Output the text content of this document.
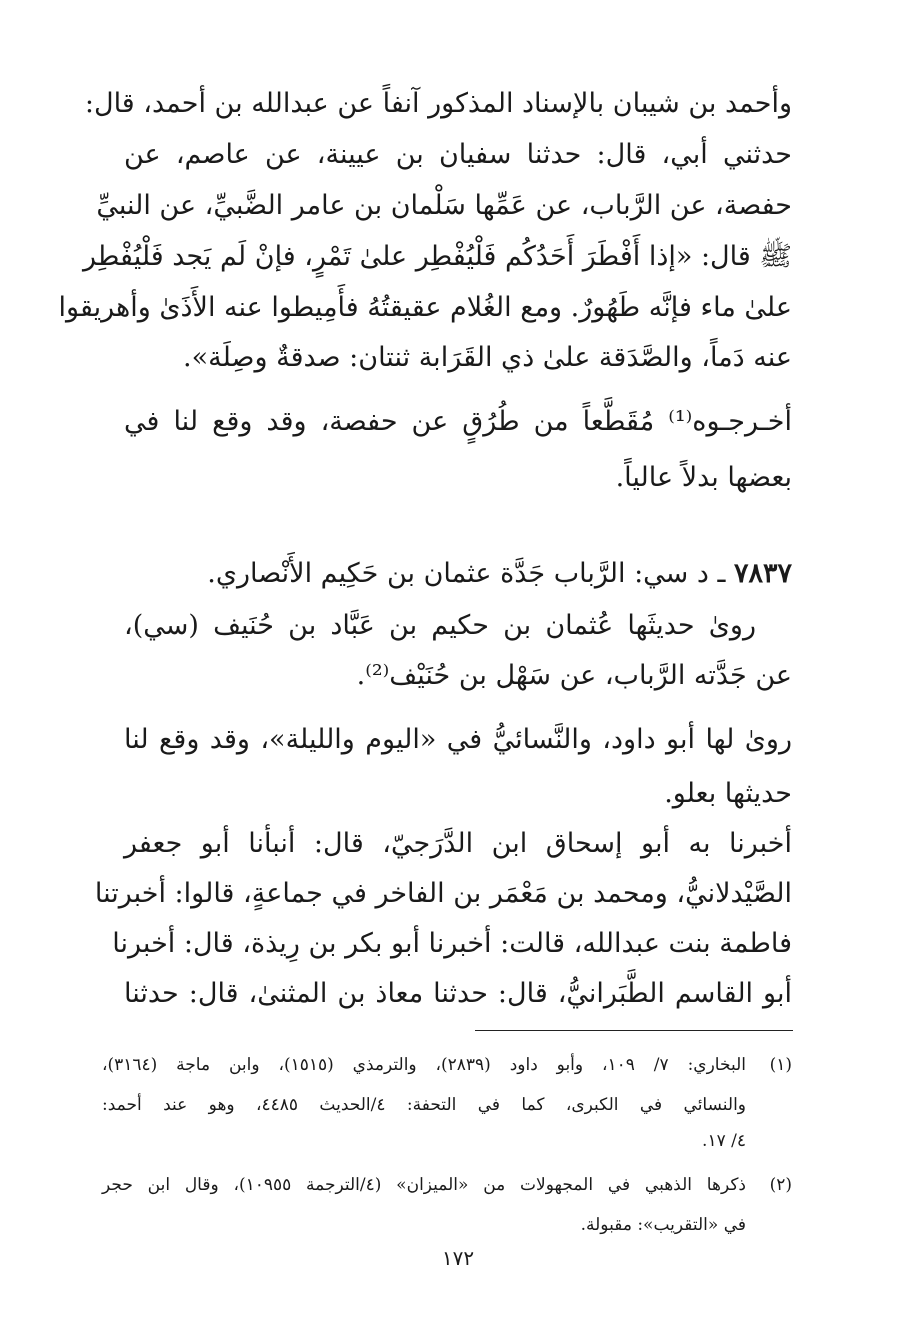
وأحمد بن شيبان بالإسناد المذكور آنفاً عن عبدالله بن أحمد، قال:
حدثني أبي، قال: حدثنا سفيان بن عيينة، عن عاصم، عن
حفصة، عن الرَّباب، عن عَمِّها سَلْمان بن عامر الضَّبيِّ، عن النبيِّ
ﷺ قال: «إذا أَفْطَرَ أَحَدُكُم فَلْيُفْطِر علىٰ تَمْرٍ، فإنْ لَم يَجد فَلْيُفْطِر
علىٰ ماء فإنَّه طَهُورٌ. ومع الغُلام عقيقتُهُ فأَمِيطوا عنه الأَذَىٰ وأهريقوا
عنه دَماً، والصَّدَقة علىٰ ذي القَرَابة ثنتان: صدقةٌ وصِلَة».
أخـرجـوه⁽¹⁾ مُقَطَّعاً من طُرُقٍ عن حفصة، وقد وقع لنا في
بعضها بدلاً عالياً.
٧٨٣٧ ـ د سي: الرَّباب جَدَّة عثمان بن حَكِيم الأَنْصاري.
روىٰ حديثَها عُثمان بن حكيم بن عَبَّاد بن حُنَيف (سي)،
عن جَدَّته الرَّباب، عن سَهْل بن حُنَيْف⁽²⁾.
روىٰ لها أبو داود، والنَّسائيُّ في «اليوم والليلة»، وقد وقع لنا
حديثها بعلو.
أخبرنا به أبو إسحاق ابن الدَّرَجيّ، قال: أنبأنا أبو جعفر
الصَّيْدلانيُّ، ومحمد بن مَعْمَر بن الفاخر في جماعةٍ، قالوا: أخبرتنا
فاطمة بنت عبدالله، قالت: أخبرنا أبو بكر بن رِيذة، قال: أخبرنا
أبو القاسم الطَّبَرانيُّ، قال: حدثنا معاذ بن المثنىٰ، قال: حدثنا
(١)البخاري: ٧/ ١٠٩، وأبو داود (٢٨٣٩)، والترمذي (١٥١٥)، وابن ماجة (٣١٦٤)،
والنسائي في الكبرى، كما في التحفة: ٤/الحديث ٤٤٨٥، وهو عند أحمد:
٤/ ١٧.
(٢)ذكرها الذهبي في المجهولات من «الميزان» (٤/الترجمة ١٠٩٥٥)، وقال ابن حجر
في «التقريب»: مقبولة.
١٧٢
